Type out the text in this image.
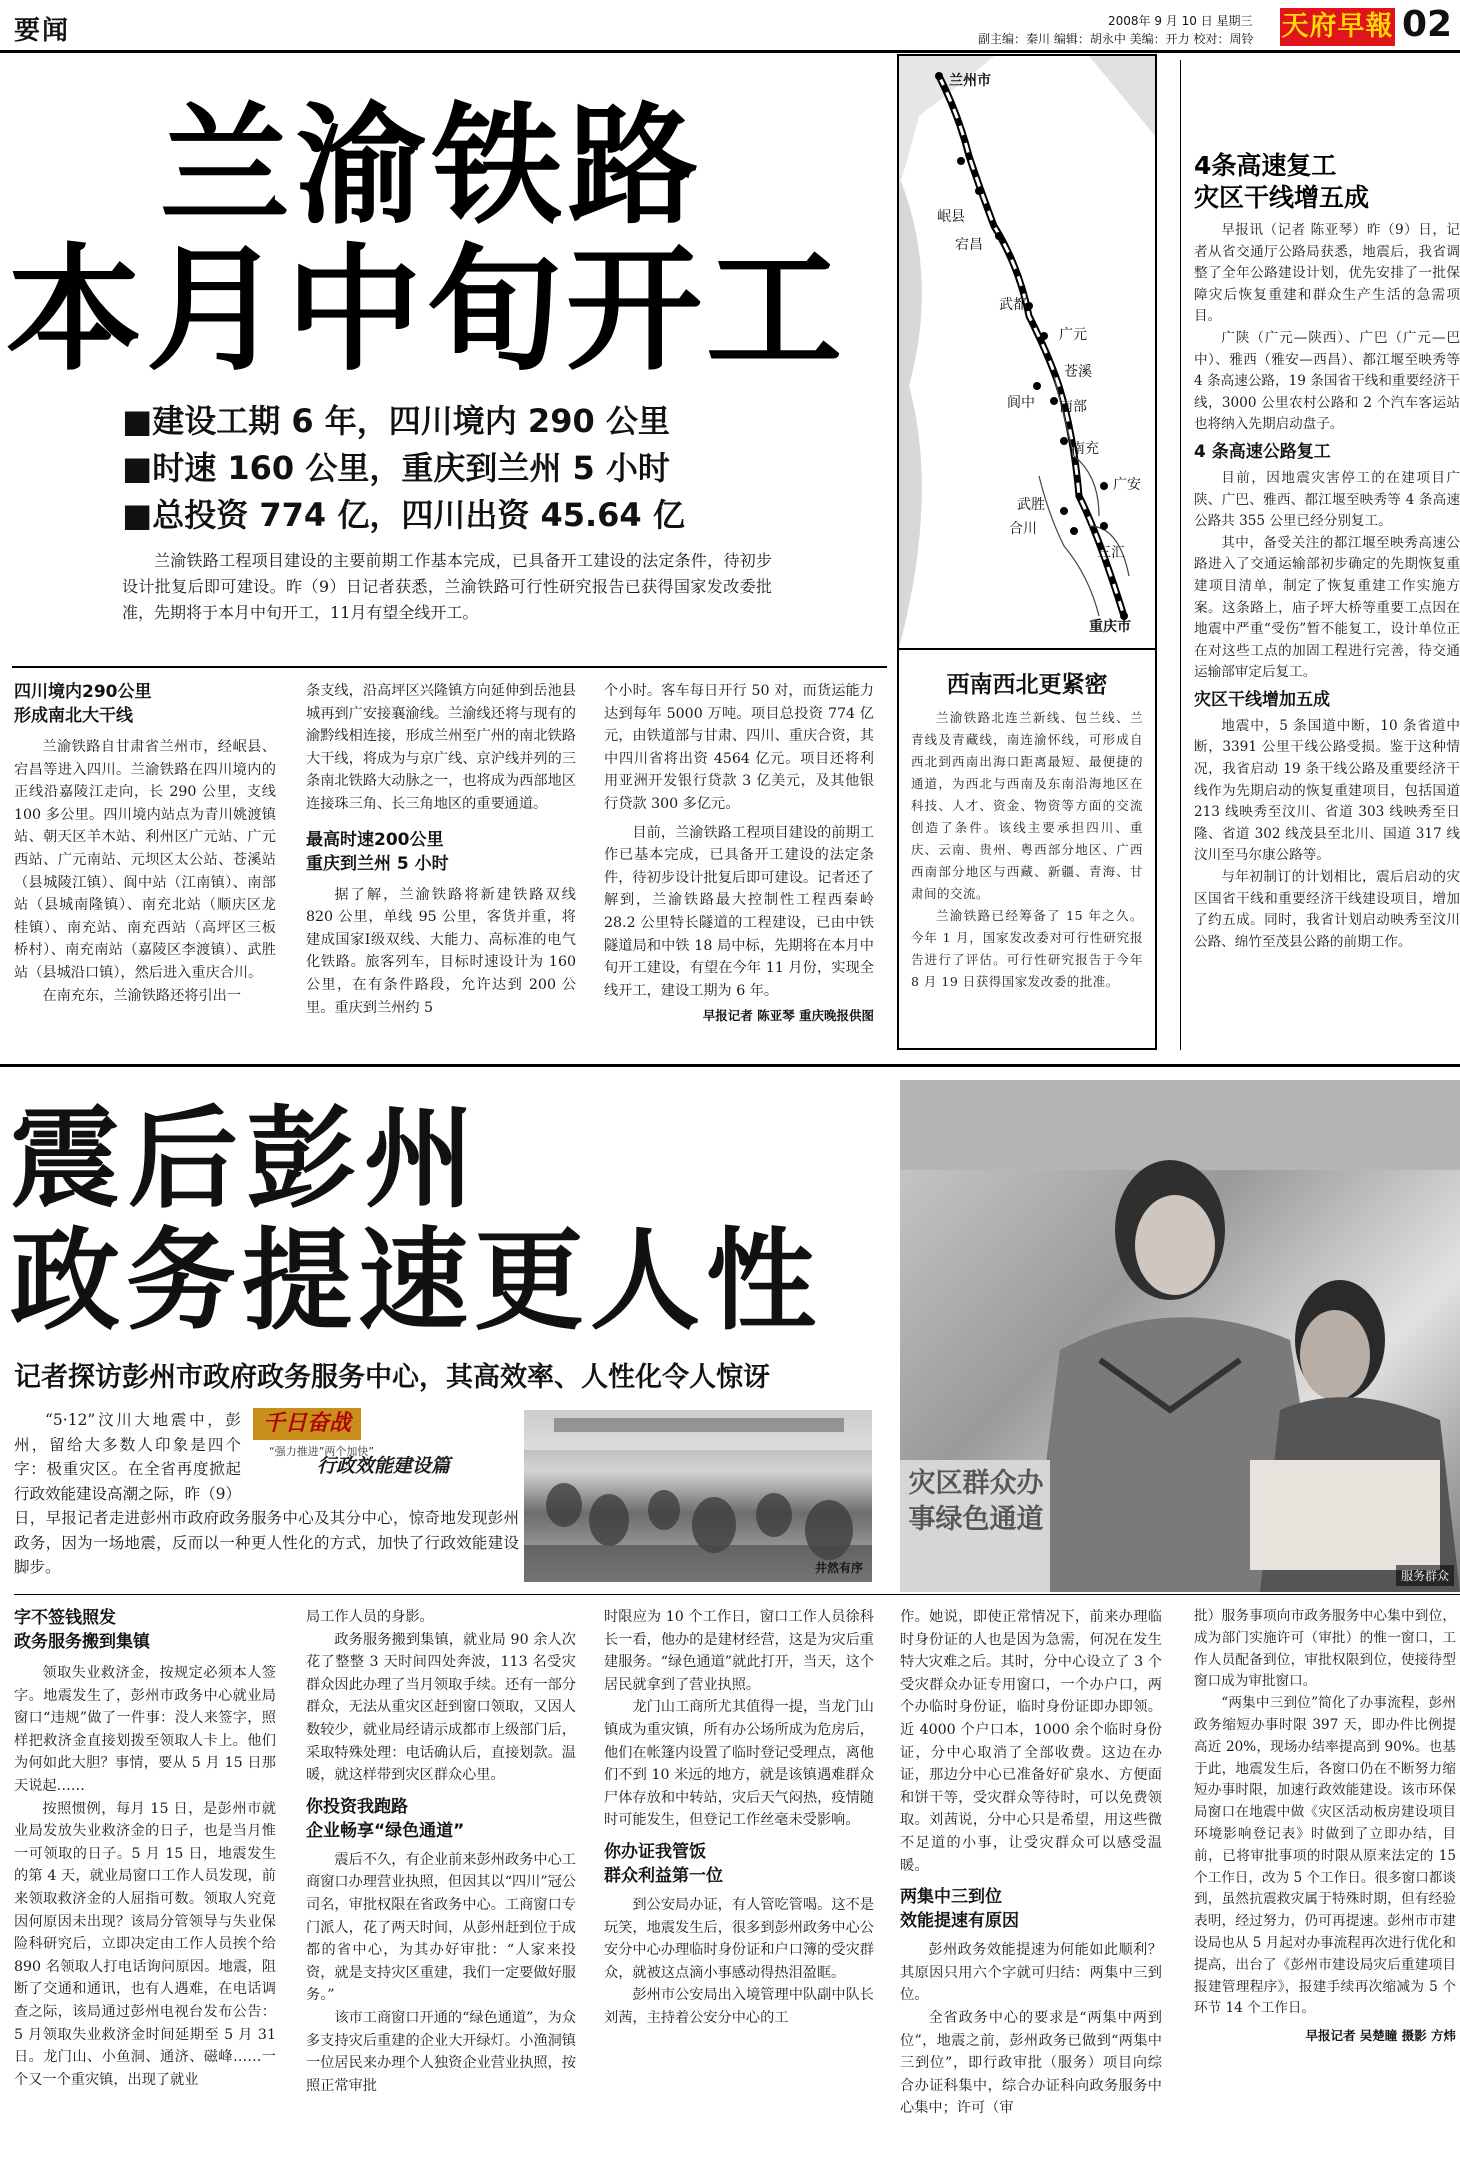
要闻	2008年 9 月 10 日 星期三
副主编：秦川 编辑：胡永中 美编：开力 校对：周铃 天府早報 02
兰渝铁路
本月中旬开工
■建设工期 6 年，四川境内 290 公里
■时速 160 公里，重庆到兰州 5 小时
■总投资 774 亿，四川出资 45.64 亿

兰渝铁路工程项目建设的主要前期工作基本完成，已具备开工建设的法定条件，待初步设计批复后即可建设。昨（9）日记者获悉，兰渝铁路可行性研究报告已获得国家发改委批准，先期将于本月中旬开工，11月有望全线开工。

四川境内290公里
形成南北大干线

兰渝铁路自甘肃省兰州市，经岷县、宕昌等进入四川。兰渝铁路在四川境内的正线沿嘉陵江走向，长 290 公里，支线 100 多公里。四川境内站点为青川姚渡镇站、朝天区羊木站、利州区广元站、广元西站、广元南站、元坝区太公站、苍溪站（县城陵江镇）、阆中站（江南镇）、南部站（县城南隆镇）、南充北站（顺庆区龙桂镇）、南充站、南充西站（高坪区三板桥村）、南充南站（嘉陵区李渡镇）、武胜站（县城沿口镇），然后进入重庆合川。

在南充东，兰渝铁路还将引出一

条支线，沿高坪区兴隆镇方向延伸到岳池县城再到广安接襄渝线。兰渝线还将与现有的渝黔线相连接，形成兰州至广州的南北铁路大干线，将成为与京广线、京沪线并列的三条南北铁路大动脉之一，也将成为西部地区连接珠三角、长三角地区的重要通道。

最高时速200公里
重庆到兰州 5 小时

据了解，兰渝铁路将新建铁路双线 820 公里，单线 95 公里，客货并重，将建成国家Ⅰ级双线、大能力、高标准的电气化铁路。旅客列车，目标时速设计为 160 公里，在有条件路段，允许达到 200 公里。重庆到兰州约 5

个小时。客车每日开行 50 对，而货运能力达到每年 5000 万吨。项目总投资 774 亿元，由铁道部与甘肃、四川、重庆合资，其中四川省将出资 4564 亿元。项目还将利用亚洲开发银行贷款 3 亿美元，及其他银行贷款 300 多亿元。

目前，兰渝铁路工程项目建设的前期工作已基本完成，已具备开工建设的法定条件，待初步设计批复后即可建设。记者还了解到，兰渝铁路最大控制性工程西秦岭 28.2 公里特长隧道的工程建设，已由中铁隧道局和中铁 18 局中标，先期将在本月中旬开工建设，有望在今年 11 月份，实现全线开工，建设工期为 6 年。

早报记者 陈亚琴 重庆晚报供图
兰州市
岷县
宕昌
武都
广元
苍溪
阆中 南部
南充
广安
武胜
合川
三汇
重庆市
西南西北更紧密

兰渝铁路北连兰新线、包兰线、兰青线及青藏线，南连渝怀线，可形成自西北到西南出海口距离最短、最便捷的通道，为西北与西南及东南沿海地区在科技、人才、资金、物资等方面的交流创造了条件。该线主要承担四川、重庆、云南、贵州、粤西部分地区、广西西南部分地区与西藏、新疆、青海、甘肃间的交流。

兰渝铁路已经筹备了 15 年之久。今年 1 月，国家发改委对可行性研究报告进行了评估。可行性研究报告于今年 8 月 19 日获得国家发改委的批准。

4条高速复工
灾区干线增五成

早报讯（记者 陈亚琴）昨（9）日，记者从省交通厅公路局获悉，地震后，我省调整了全年公路建设计划，优先安排了一批保障灾后恢复重建和群众生产生活的急需项目。

广陕（广元—陕西）、广巴（广元—巴中）、雅西（雅安—西昌）、都江堰至映秀等 4 条高速公路，19 条国省干线和重要经济干线，3000 公里农村公路和 2 个汽车客运站也将纳入先期启动盘子。

4 条高速公路复工

目前，因地震灾害停工的在建项目广陕、广巴、雅西、都江堰至映秀等 4 条高速公路共 355 公里已经分别复工。

其中，备受关注的都江堰至映秀高速公路进入了交通运输部初步确定的先期恢复重建项目清单，制定了恢复重建工作实施方案。这条路上，庙子坪大桥等重要工点因在地震中严重“受伤”暂不能复工，设计单位正在对这些工点的加固工程进行完善，待交通运输部审定后复工。

灾区干线增加五成

地震中，5 条国道中断，10 条省道中断，3391 公里干线公路受损。鉴于这种情况，我省启动 19 条干线公路及重要经济干线作为先期启动的恢复重建项目，包括国道 213 线映秀至汶川、省道 303 线映秀至日隆、省道 302 线茂县至北川、国道 317 线汶川至马尔康公路等。

与年初制订的计划相比，震后启动的灾区国省干线和重要经济干线建设项目，增加了约五成。同时，我省计划启动映秀至汶川公路、绵竹至茂县公路的前期工作。

震后彭州
政务提速更人性
记者探访彭州市政府政务服务中心，其高效率、人性化令人惊讶
千日奋战
“强力推进”两个加快”
行政效能建设篇

“5·12”汶川大地震中，彭州，留给大多数人印象是四个字：极重灾区。在全省再度掀起行政效能建设高潮之际，昨（9）日，早报记者走进彭州市政府政务服务中心及其分中心，惊奇地发现彭州政务，因为一场地震，反而以一种更人性化的方式，加快了行政效能建设脚步。	井然有序
灾区群众办事绿色通道
服务群众
字不签钱照发
政务服务搬到集镇

领取失业救济金，按规定必须本人签字。地震发生了，彭州市政务中心就业局窗口“违规”做了一件事：没人来签字，照样把救济金直接划拨至领取人卡上。他们为何如此大胆？事情，要从 5 月 15 日那天说起……

按照惯例，每月 15 日，是彭州市就业局发放失业救济金的日子，也是当月惟一可领取的日子。5 月 15 日，地震发生的第 4 天，就业局窗口工作人员发现，前来领取救济金的人屈指可数。领取人究竟因何原因未出现？该局分管领导与失业保险科研究后，立即决定由工作人员挨个给 890 名领取人打电话询问原因。地震，阻断了交通和通讯，也有人遇难，在电话调查之际，该局通过彭州电视台发布公告：5 月领取失业救济金时间延期至 5 月 31 日。龙门山、小鱼洞、通济、磁峰……一个又一个重灾镇，出现了就业

局工作人员的身影。

政务服务搬到集镇，就业局 90 余人次花了整整 3 天时间四处奔波，113 名受灾群众因此办理了当月领取手续。还有一部分群众，无法从重灾区赶到窗口领取，又因人数较少，就业局经请示成都市上级部门后，采取特殊处理：电话确认后，直接划款。温暖，就这样带到灾区群众心里。

你投资我跑路
企业畅享“绿色通道”

震后不久，有企业前来彭州政务中心工商窗口办理营业执照，但因其以“四川”冠公司名，审批权限在省政务中心。工商窗口专门派人，花了两天时间，从彭州赶到位于成都的省中心，为其办好审批：“人家来投资，就是支持灾区重建，我们一定要做好服务。”

该市工商窗口开通的“绿色通道”，为众多支持灾后重建的企业大开绿灯。小渔洞镇一位居民来办理个人独资企业营业执照，按照正常审批

时限应为 10 个工作日，窗口工作人员徐科长一看，他办的是建材经营，这是为灾后重建服务。“绿色通道”就此打开，当天，这个居民就拿到了营业执照。

龙门山工商所尤其值得一提，当龙门山镇成为重灾镇，所有办公场所成为危房后，他们在帐篷内设置了临时登记受理点，离他们不到 10 米远的地方，就是该镇遇难群众尸体存放和中转站，灾后天气闷热，疫情随时可能发生，但登记工作丝毫未受影响。

你办证我管饭
群众利益第一位

到公安局办证，有人管吃管喝。这不是玩笑，地震发生后，很多到彭州政务中心公安分中心办理临时身份证和户口簿的受灾群众，就被这点滴小事感动得热泪盈眶。

彭州市公安局出入境管理中队副中队长刘茜，主持着公安分中心的工

作。她说，即使正常情况下，前来办理临时身份证的人也是因为急需，何况在发生特大灾难之后。其时，分中心设立了 3 个受灾群众办证专用窗口，一个办户口，两个办临时身份证，临时身份证即办即领。近 4000 个户口本，1000 余个临时身份证，分中心取消了全部收费。这边在办证，那边分中心已准备好矿泉水、方便面和饼干等，受灾群众等待时，可以免费领取。刘茜说，分中心只是希望，用这些微不足道的小事，让受灾群众可以感受温暖。

两集中三到位
效能提速有原因

彭州政务效能提速为何能如此顺利？其原因只用六个字就可归结：两集中三到位。

全省政务中心的要求是“两集中两到位”，地震之前，彭州政务已做到“两集中三到位”，即行政审批（服务）项目向综合办证科集中，综合办证科向政务服务中心集中；许可（审

批）服务事项向市政务服务中心集中到位，成为部门实施许可（审批）的惟一窗口，工作人员配备到位，审批权限到位，使接待型窗口成为审批窗口。

“两集中三到位”简化了办事流程，彭州政务缩短办事时限 397 天，即办件比例提高近 20%，现场办结率提高到 90%。也基于此，地震发生后，各窗口仍在不断努力缩短办事时限，加速行政效能建设。该市环保局窗口在地震中做《灾区活动板房建设项目环境影响登记表》时做到了立即办结，目前，已将审批事项的时限从原来法定的 15 个工作日，改为 5 个工作日。很多窗口都谈到，虽然抗震救灾属于特殊时期，但有经验表明，经过努力，仍可再提速。彭州市市建设局也从 5 月起对办事流程再次进行优化和提高，出台了《彭州市建设局灾后重建项目报建管理程序》，报建手续再次缩减为 5 个环节 14 个工作日。

早报记者 吴楚瞳 摄影 方炜
